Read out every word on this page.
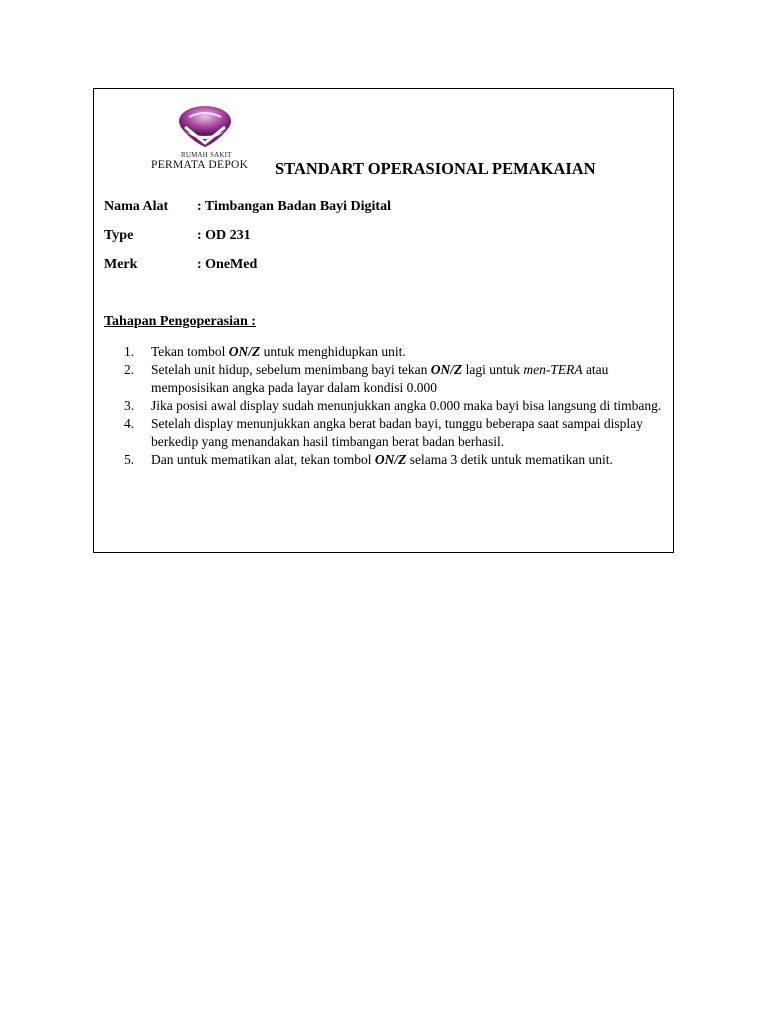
RUMAH SAKIT
PERMATA DEPOK STANDART OPERASIONAL PEMAKAIAN
Nama Alat : Timbangan Badan Bayi Digital
Type	: OD 231
Merk	: OneMed
Tahapan Pengoperasian :
1.	Tekan tombol ON/Z untuk menghidupkan unit.
2.	Setelah unit hidup, sebelum menimbang bayi tekan ON/Z lagi untuk men-TERA atau memposisikan angka pada layar dalam kondisi 0.000
3.	Jika posisi awal display sudah menunjukkan angka 0.000 maka bayi bisa langsung di timbang.
4.	Setelah display menunjukkan angka berat badan bayi, tunggu beberapa saat sampai display berkedip yang menandakan hasil timbangan berat badan berhasil.
5.	Dan untuk mematikan alat, tekan tombol ON/Z selama 3 detik untuk mematikan unit.
